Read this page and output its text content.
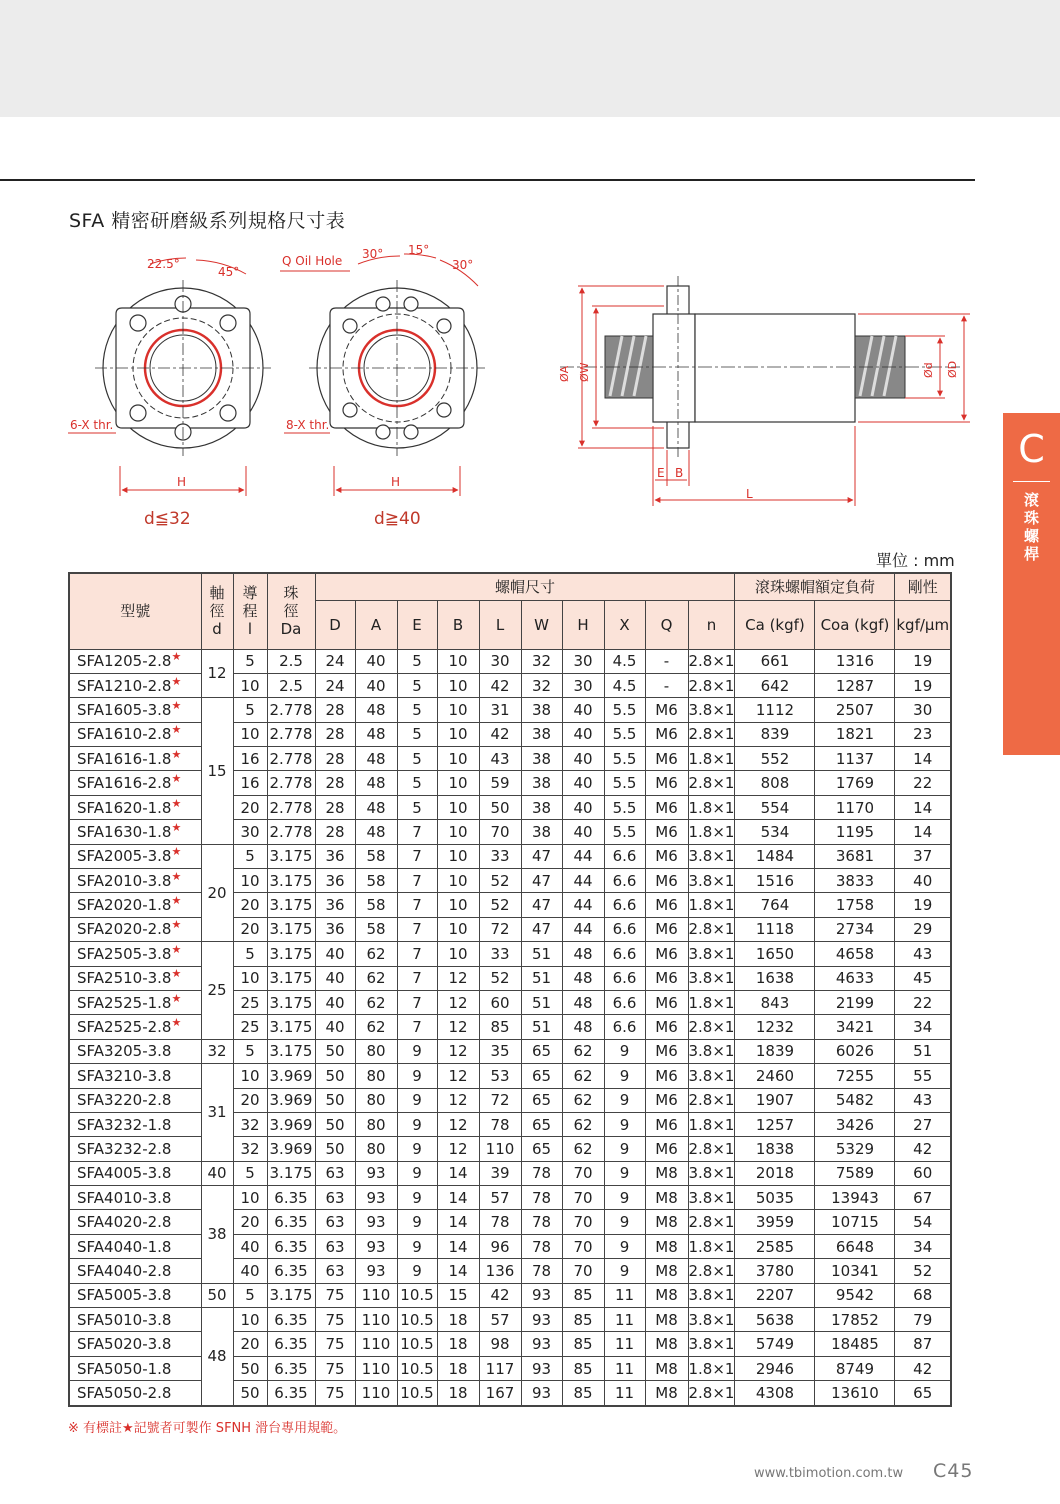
SFA 精密研磨級系列規格尺寸表
C
滾
珠
螺
桿
22.5°
45°
6-X thr.
H
Q Oil Hole 30° 15°
30°
8-X thr.
H
ØA ØW	Ød ØD
E B
L
d≦32	d≧40
單位 : mm
型號	軸
徑
d	導
程
l	珠
徑
Da	螺帽尺寸										滾珠螺帽額定負荷		剛性
				D	A	E	B	L	W	H	X	Q	n	Ca (kgf)	Coa (kgf)	kgf/μm
SFA1205-2.8★	12	5	2.5	24	40	5	10	30	32	30	4.5	-	2.8×1	661	1316	19
SFA1210-2.8★		10	2.5	24	40	5	10	42	32	30	4.5	-	2.8×1	642	1287	19
SFA1605-3.8★	15	5	2.778	28	48	5	10	31	38	40	5.5	M6	3.8×1	1112	2507	30
SFA1610-2.8★		10	2.778	28	48	5	10	42	38	40	5.5	M6	2.8×1	839	1821	23
SFA1616-1.8★		16	2.778	28	48	5	10	43	38	40	5.5	M6	1.8×1	552	1137	14
SFA1616-2.8★		16	2.778	28	48	5	10	59	38	40	5.5	M6	2.8×1	808	1769	22
SFA1620-1.8★		20	2.778	28	48	5	10	50	38	40	5.5	M6	1.8×1	554	1170	14
SFA1630-1.8★		30	2.778	28	48	7	10	70	38	40	5.5	M6	1.8×1	534	1195	14
SFA2005-3.8★	20	5	3.175	36	58	7	10	33	47	44	6.6	M6	3.8×1	1484	3681	37
SFA2010-3.8★		10	3.175	36	58	7	10	52	47	44	6.6	M6	3.8×1	1516	3833	40
SFA2020-1.8★		20	3.175	36	58	7	10	52	47	44	6.6	M6	1.8×1	764	1758	19
SFA2020-2.8★		20	3.175	36	58	7	10	72	47	44	6.6	M6	2.8×1	1118	2734	29
SFA2505-3.8★	25	5	3.175	40	62	7	10	33	51	48	6.6	M6	3.8×1	1650	4658	43
SFA2510-3.8★		10	3.175	40	62	7	12	52	51	48	6.6	M6	3.8×1	1638	4633	45
SFA2525-1.8★		25	3.175	40	62	7	12	60	51	48	6.6	M6	1.8×1	843	2199	22
SFA2525-2.8★		25	3.175	40	62	7	12	85	51	48	6.6	M6	2.8×1	1232	3421	34
SFA3205-3.8	32	5	3.175	50	80	9	12	35	65	62	9	M6	3.8×1	1839	6026	51
SFA3210-3.8	31	10	3.969	50	80	9	12	53	65	62	9	M6	3.8×1	2460	7255	55
SFA3220-2.8		20	3.969	50	80	9	12	72	65	62	9	M6	2.8×1	1907	5482	43
SFA3232-1.8		32	3.969	50	80	9	12	78	65	62	9	M6	1.8×1	1257	3426	27
SFA3232-2.8		32	3.969	50	80	9	12	110	65	62	9	M6	2.8×1	1838	5329	42
SFA4005-3.8	40	5	3.175	63	93	9	14	39	78	70	9	M8	3.8×1	2018	7589	60
SFA4010-3.8	38	10	6.35	63	93	9	14	57	78	70	9	M8	3.8×1	5035	13943	67
SFA4020-2.8		20	6.35	63	93	9	14	78	78	70	9	M8	2.8×1	3959	10715	54
SFA4040-1.8		40	6.35	63	93	9	14	96	78	70	9	M8	1.8×1	2585	6648	34
SFA4040-2.8		40	6.35	63	93	9	14	136	78	70	9	M8	2.8×1	3780	10341	52
SFA5005-3.8	50	5	3.175	75	110	10.5	15	42	93	85	11	M8	3.8×1	2207	9542	68
SFA5010-3.8	48	10	6.35	75	110	10.5	18	57	93	85	11	M8	3.8×1	5638	17852	79
SFA5020-3.8		20	6.35	75	110	10.5	18	98	93	85	11	M8	3.8×1	5749	18485	87
SFA5050-1.8		50	6.35	75	110	10.5	18	117	93	85	11	M8	1.8×1	2946	8749	42
SFA5050-2.8		50	6.35	75	110	10.5	18	167	93	85	11	M8	2.8×1	4308	13610	65
※ 有標註★記號者可製作 SFNH 滑台專用規範。
www.tbimotion.com.tw C45
